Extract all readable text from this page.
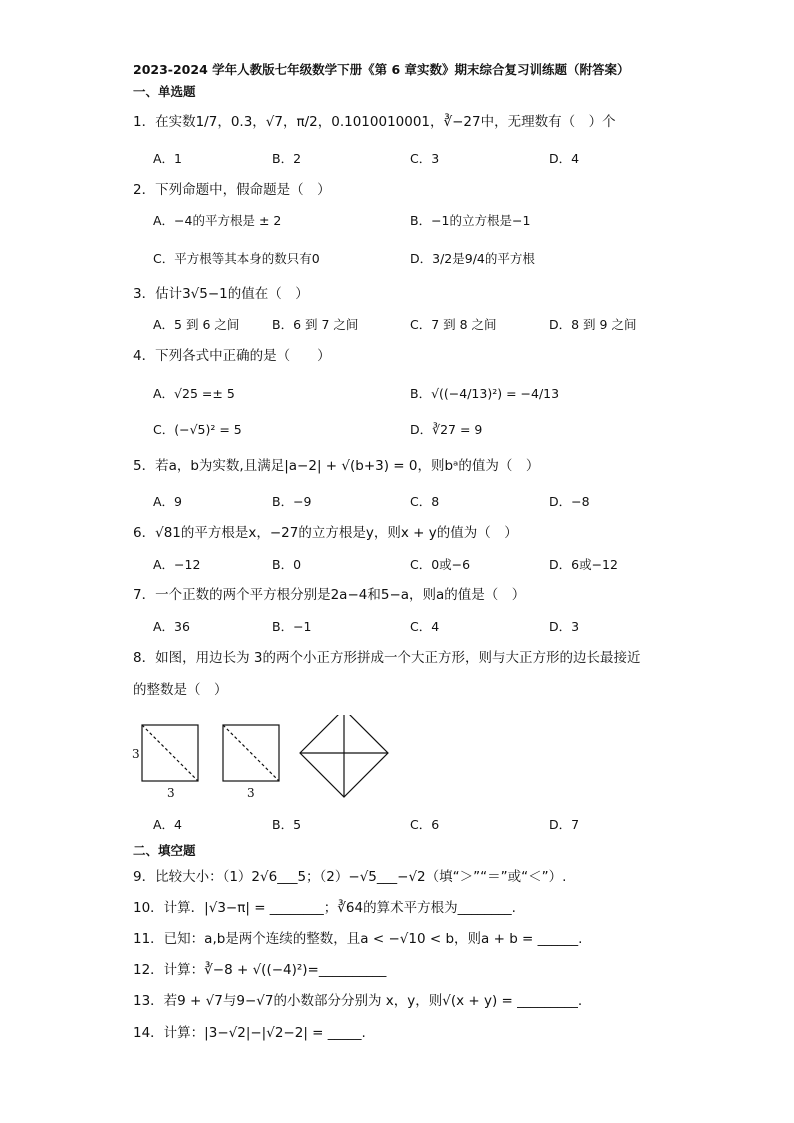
2023-2024 学年人教版七年级数学下册《第 6 章实数》期末综合复习训练题（附答案）
一、单选题
1．在实数1/7，0.3，√7，π/2，0.1010010001，∛−27中，无理数有（　）个
A．1	B．2	C．3	D．4
2．下列命题中，假命题是（　）
A．−4的平方根是 ± 2	B．−1的立方根是−1
C．平方根等其本身的数只有0	D．3/2是9/4的平方根
3．估计3√5−1的值在（　）
A．5 到 6 之间	B．6 到 7 之间	C．7 到 8 之间	D．8 到 9 之间
4．下列各式中正确的是（　　）
A．√25 =± 5	B．√((−4/13)²) = −4/13
C．(−√5)² = 5	D．∛27 = 9
5．若a，b为实数,且满足|a−2| + √(b+3) = 0，则bᵃ的值为（　）
A．9	B．−9	C．8	D．−8
6．√81的平方根是x，−27的立方根是y，则x + y的值为（　）
A．−12	B．0	C．0或−6	D．6或−12
7．一个正数的两个平方根分别是2a−4和5−a，则a的值是（　）
A．36	B．−1	C．4	D．3
8．如图，用边长为 3的两个小正方形拼成一个大正方形，则与大正方形的边长最接近
的整数是（　）
3
3	3
A．4	B．5	C．6	D．7
二、填空题
9．比较大小：（1）2√6___5；（2）−√5___−√2（填“＞”“＝”或“＜”）.
10．计算．|√3−π| = ________；∛64的算术平方根为________.
11．已知：a,b是两个连续的整数，且a < −√10 < b，则a + b = ______.
12．计算：∛−8 + √((−4)²)=__________
13．若9 + √7与9−√7的小数部分分别为 x，y，则√(x + y) = _________.
14．计算：|3−√2|−|√2−2| = _____.
